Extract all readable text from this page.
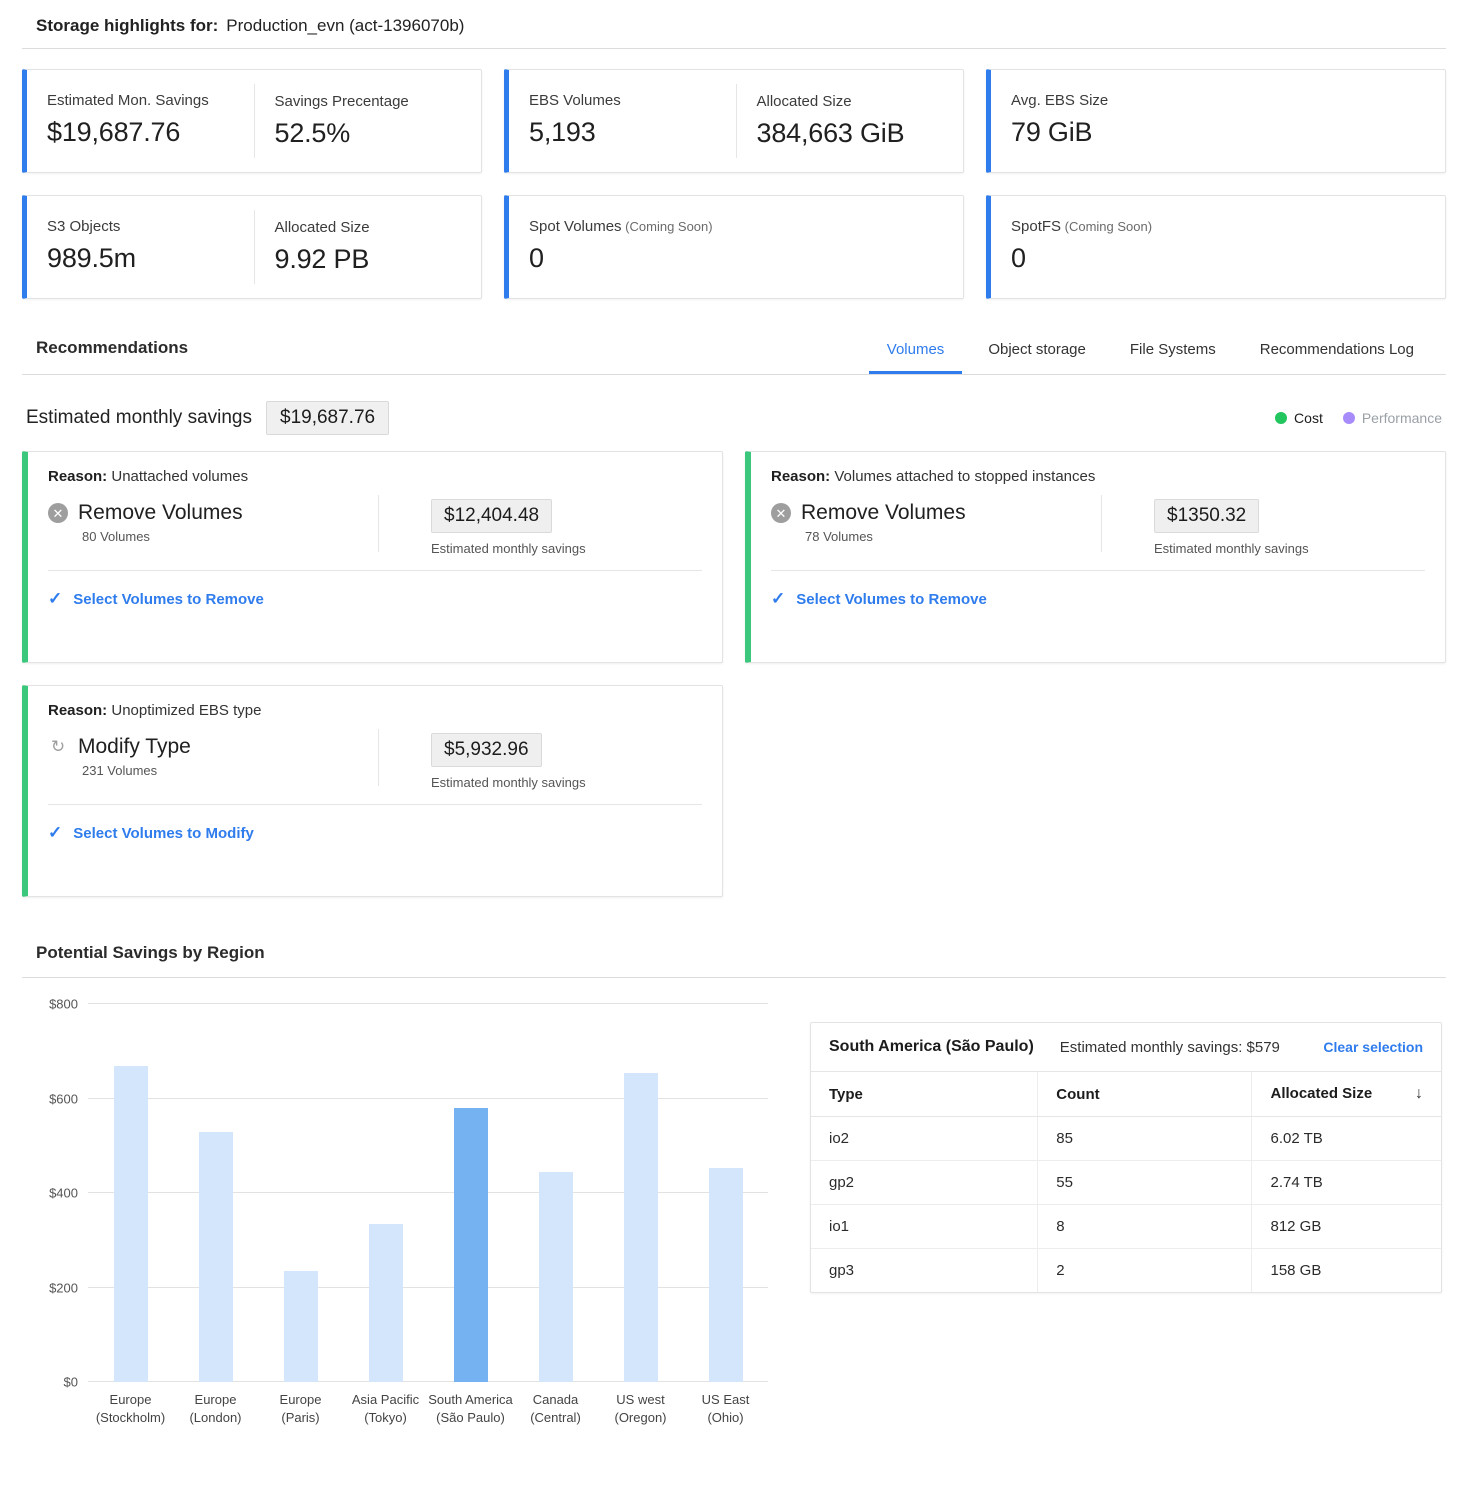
Storage highlights for: Production_evn (act-1396070b)
Estimated Mon. Savings
$19,687.76
Savings Precentage
52.5%
EBS Volumes
5,193
Allocated Size
384,663 GiB
Avg. EBS Size
79 GiB
S3 Objects
989.5m
Allocated Size
9.92 PB
Spot Volumes (Coming Soon)
0
SpotFS (Coming Soon)
0
Recommendations	Volumes	Object storage	File Systems	Recommendations Log
Estimated monthly savings	$19,687.76	Cost	Performance
Reason: Unattached volumes
✕ Remove Volumes
80 Volumes
$12,404.48
Estimated monthly savings
✓ Select Volumes to Remove
Reason: Volumes attached to stopped instances
✕ Remove Volumes
78 Volumes
$1350.32
Estimated monthly savings
✓ Select Volumes to Remove
Reason: Unoptimized EBS type
↻ Modify Type
231 Volumes
$5,932.96
Estimated monthly savings
✓ Select Volumes to Modify
Potential Savings by Region
$0
$200
$400
$600
$800
Europe
(Stockholm)
Europe
(London)
Europe
(Paris)
Asia Pacific
(Tokyo)
South America
(São Paulo)
Canada
(Central)
US west
(Oregon)
US East
(Ohio)
South America (São Paulo) Estimated monthly savings: $579	Clear selection
Type	Count	Allocated Size ↓

io2	85	6.02 TB
gp2	55	2.74 TB
io1	8	812 GB
gp3	2	158 GB
